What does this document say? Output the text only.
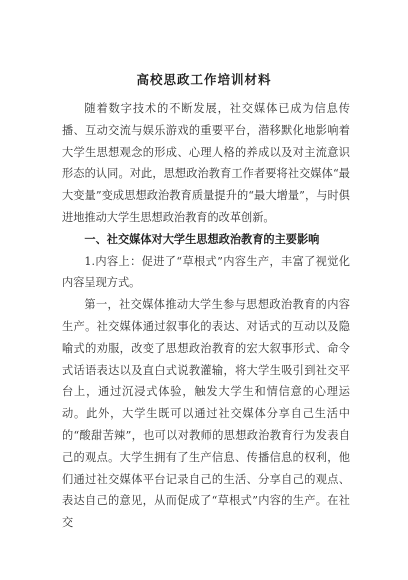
高校思政工作培训材料

随着数字技术的不断发展，社交媒体已成为信息传播、互动交流与娱乐游戏的重要平台，潜移默化地影响着大学生思想观念的形成、心理人格的养成以及对主流意识形态的认同。对此，思想政治教育工作者要将社交媒体“最大变量”变成思想政治教育质量提升的“最大增量”，与时俱进地推动大学生思想政治教育的改革创新。

一、社交媒体对大学生思想政治教育的主要影响

1.内容上：促进了“草根式”内容生产，丰富了视觉化内容呈现方式。

第一，社交媒体推动大学生参与思想政治教育的内容生产。社交媒体通过叙事化的表达、对话式的互动以及隐喻式的劝服，改变了思想政治教育的宏大叙事形式、命令式话语表达以及直白式说教灌输，将大学生吸引到社交平台上，通过沉浸式体验，触发大学生和情信意的心理运动。此外，大学生既可以通过社交媒体分享自己生活中的“酸甜苦辣”，也可以对教师的思想政治教育行为发表自己的观点。大学生拥有了生产信息、传播信息的权利，他们通过社交媒体平台记录自己的生活、分享自己的观点、表达自己的意见，从而促成了“草根式”内容的生产。在社交
